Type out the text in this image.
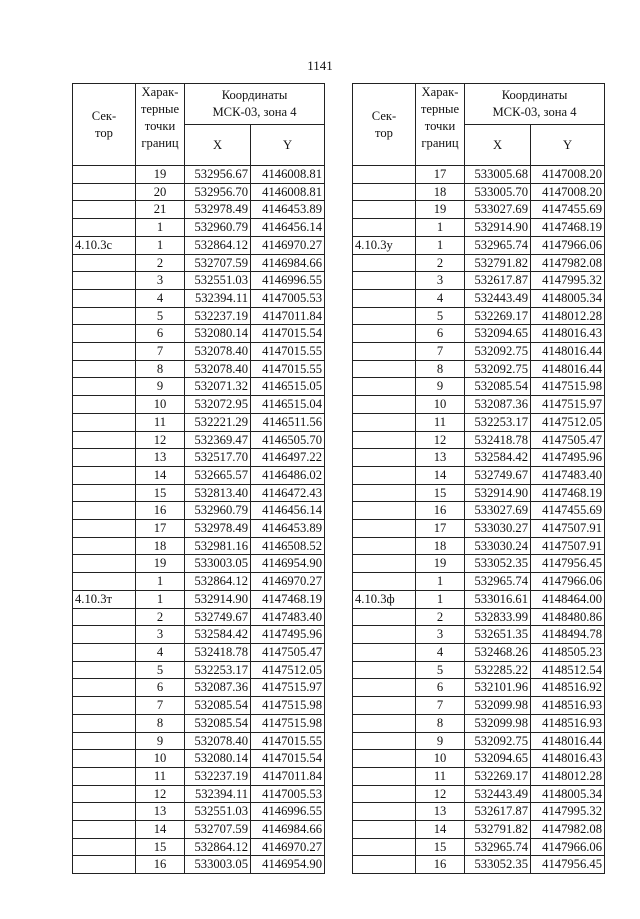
1141
Сек-
тор	Харак-
терные
точки
границ	Координаты
МСК-03, зона 4	
		X	Y
	19	532956.67	4146008.81
	20	532956.70	4146008.81
	21	532978.49	4146453.89
	1	532960.79	4146456.14
4.10.3с	1	532864.12	4146970.27
	2	532707.59	4146984.66
	3	532551.03	4146996.55
	4	532394.11	4147005.53
	5	532237.19	4147011.84
	6	532080.14	4147015.54
	7	532078.40	4147015.55
	8	532078.40	4147015.55
	9	532071.32	4146515.05
	10	532072.95	4146515.04
	11	532221.29	4146511.56
	12	532369.47	4146505.70
	13	532517.70	4146497.22
	14	532665.57	4146486.02
	15	532813.40	4146472.43
	16	532960.79	4146456.14
	17	532978.49	4146453.89
	18	532981.16	4146508.52
	19	533003.05	4146954.90
	1	532864.12	4146970.27
4.10.3т	1	532914.90	4147468.19
	2	532749.67	4147483.40
	3	532584.42	4147495.96
	4	532418.78	4147505.47
	5	532253.17	4147512.05
	6	532087.36	4147515.97
	7	532085.54	4147515.98
	8	532085.54	4147515.98
	9	532078.40	4147015.55
	10	532080.14	4147015.54
	11	532237.19	4147011.84
	12	532394.11	4147005.53
	13	532551.03	4146996.55
	14	532707.59	4146984.66
	15	532864.12	4146970.27
	16	533003.05	4146954.90
Сек-
тор	Харак-
терные
точки
границ	Координаты
МСК-03, зона 4	
		X	Y
	17	533005.68	4147008.20
	18	533005.70	4147008.20
	19	533027.69	4147455.69
	1	532914.90	4147468.19
4.10.3у	1	532965.74	4147966.06
	2	532791.82	4147982.08
	3	532617.87	4147995.32
	4	532443.49	4148005.34
	5	532269.17	4148012.28
	6	532094.65	4148016.43
	7	532092.75	4148016.44
	8	532092.75	4148016.44
	9	532085.54	4147515.98
	10	532087.36	4147515.97
	11	532253.17	4147512.05
	12	532418.78	4147505.47
	13	532584.42	4147495.96
	14	532749.67	4147483.40
	15	532914.90	4147468.19
	16	533027.69	4147455.69
	17	533030.27	4147507.91
	18	533030.24	4147507.91
	19	533052.35	4147956.45
	1	532965.74	4147966.06
4.10.3ф	1	533016.61	4148464.00
	2	532833.99	4148480.86
	3	532651.35	4148494.78
	4	532468.26	4148505.23
	5	532285.22	4148512.54
	6	532101.96	4148516.92
	7	532099.98	4148516.93
	8	532099.98	4148516.93
	9	532092.75	4148016.44
	10	532094.65	4148016.43
	11	532269.17	4148012.28
	12	532443.49	4148005.34
	13	532617.87	4147995.32
	14	532791.82	4147982.08
	15	532965.74	4147966.06
	16	533052.35	4147956.45
